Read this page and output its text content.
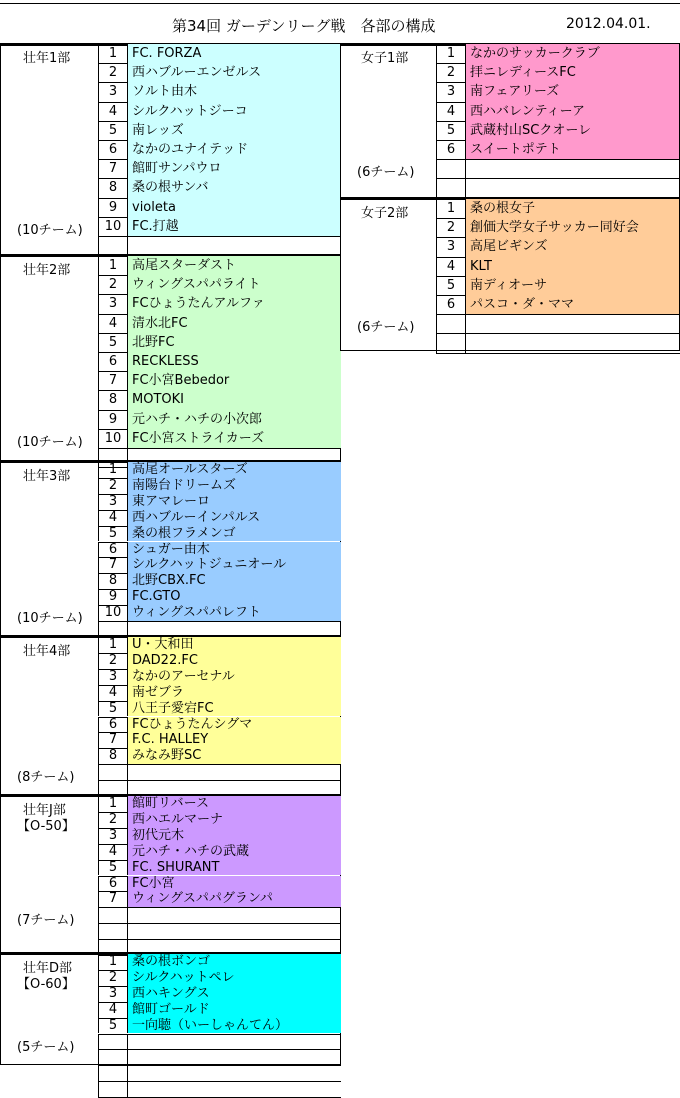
第34回 ガーデンリーグ戦　各部の構成	2012.04.01.
壮年1部
(10チーム)
1	FC. FORZA
2	西ハブルーエンゼルス
3	ソルト由木
4	シルクハットジーコ
5	南レッズ
6	なかのユナイテッド
7	館町サンパウロ
8	桑の根サンバ
9	violeta
10 FC.打越
壮年2部
(10チーム)
1	高尾スターダスト
2	ウィングスパパライト
3	FCひょうたんアルファ
4	清水北FC
5	北野FC
6	RECKLESS
7	FC小宮Bebedor
8	MOTOKI
9	元ハチ・ハチの小次郎
10 FC小宮ストライカーズ
壮年3部
(10チーム)
1	高尾オールスターズ
2	南陽台ドリームズ
3	東アマレーロ
4	西ハブルーインパルス
5	桑の根フラメンゴ
6	シュガー由木
7	シルクハットジュニオール
8	北野CBX.FC
9	FC.GTO
10 ウィングスパパレフト
壮年4部
(8チーム)
1	U・大和田
2	DAD22.FC
3	なかのアーセナル
4	南ゼブラ
5	八王子愛宕FC
6	FCひょうたんシグマ
7	F.C. HALLEY
8	みなみ野SC
壮年J部
【O-50】
(7チーム)
1	館町リバース
2	西ハエルマーナ
3	初代元木
4	元ハチ・ハチの武蔵
5	FC. SHURANT
6	FC小宮
7	ウィングスパパグランパ
壮年D部
【O-60】
(5チーム)
1	桑の根ボンゴ
2	シルクハットペレ
3	西ハキングス
4	館町ゴールド
5	一向聴（いーしゃんてん）
女子1部
(6チーム)
1	なかのサッカークラブ
2	拝ニレディースFC
3	南フェアリーズ
4	西ハバレンティーア
5	武蔵村山SCクオーレ
6	スイートポテト
女子2部
(6チーム)
1	桑の根女子
2	創価大学女子サッカー同好会
3	高尾ビギンズ
4	KLT
5	南ディオーサ
6	パスコ・ダ・ママ
